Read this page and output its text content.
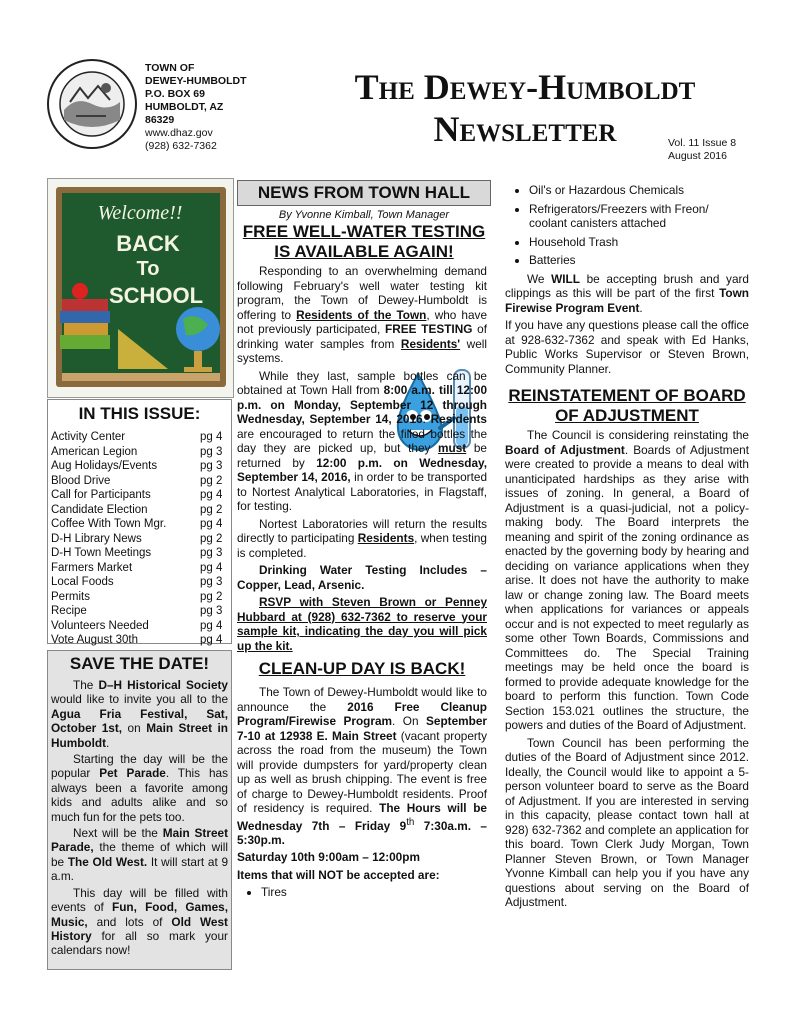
TOWN OF
DEWEY-HUMBOLDT
P.O. BOX 69
HUMBOLDT, AZ
86329
www.dhaz.gov
(928) 632-7362
The Dewey-Humboldt
Newsletter	Vol. 11 Issue 8
August 2016
Welcome!!
BACK
To
SCHOOL
IN THIS ISSUE:
Activity Center	pg 4
American Legion	pg 3
Aug Holidays/Events	pg 3
Blood Drive	pg 2
Call for Participants	pg 4
Candidate Election	pg 2
Coffee With Town Mgr.	pg 4
D-H Library News	pg 2
D-H Town Meetings	pg 3
Farmers Market	pg 4
Local Foods	pg 3
Permits	pg 2
Recipe	pg 3
Volunteers Needed	pg 4
Vote August 30th	pg 4
SAVE THE DATE!

The D–H Historical Society would like to invite you all to the Agua Fria Festival, Sat, October 1st, on Main Street in Humboldt.

Starting the day will be the popular Pet Parade. This has always been a favorite among kids and adults alike and so much fun for the pets too.

Next will be the Main Street Parade, the theme of which will be The Old West. It will start at 9 a.m.

This day will be filled with events of Fun, Food, Games, Music, and lots of Old West History for all so mark your calendars now!

NEWS FROM TOWN HALL
By Yvonne Kimball, Town Manager
FREE WELL-WATER TESTING IS AVAILABLE AGAIN!

Responding to an overwhelming demand following February's well water testing kit program, the Town of Dewey-Humboldt is offering to Residents of the Town, who have not previously participated, FREE TESTING of drinking water samples from Residents' well systems.

While they last, sample bottles can be obtained at Town Hall from 8:00 a.m. till 12:00 p.m. on Monday, September 12 through Wednesday, September 14, 2016. Residents are encouraged to return the filled bottles the day they are picked up, but they must be returned by 12:00 p.m. on Wednesday, September 14, 2016, in order to be transported to Nortest Analytical Laboratories, in Flagstaff, for testing.

Nortest Laboratories will return the results directly to participating Residents, when testing is completed.

Drinking Water Testing Includes – Copper, Lead, Arsenic.

RSVP with Steven Brown or Penney Hubbard at (928) 632-7362 to reserve your sample kit, indicating the day you will pick up the kit.

CLEAN-UP DAY IS BACK!

The Town of Dewey-Humboldt would like to announce the 2016 Free Cleanup Program/Firewise Program. On September 7-10 at 12938 E. Main Street (vacant property across the road from the museum) the Town will provide dumpsters for yard/property clean up as well as brush chipping. The event is free of charge to Dewey-Humboldt residents. Proof of residency is required. The Hours will be Wednesday 7th – Friday 9th 7:30a.m. – 5:30p.m.

Saturday 10th 9:00am – 12:00pm

Items that will NOT be accepted are:

• Tires
• Oil's or Hazardous Chemicals
• Refrigerators/Freezers with Freon/ coolant canisters attached
• Household Trash
• Batteries

We WILL be accepting brush and yard clippings as this will be part of the first Town Firewise Program Event.

If you have any questions please call the office at 928-632-7362 and speak with Ed Hanks, Public Works Supervisor or Steven Brown, Community Planner.

REINSTATEMENT OF BOARD OF ADJUSTMENT

The Council is considering reinstating the Board of Adjustment. Boards of Adjustment were created to provide a means to deal with unanticipated hardships as they arise with issues of zoning. In general, a Board of Adjustment is a quasi-judicial, not a policy-making body. The Board interprets the meaning and spirit of the zoning ordinance as enacted by the governing body by hearing and deciding on variance applications when they arise. It does not have the authority to make law or change zoning law. The Board meets when applications for variances or appeals occur and is not expected to meet regularly as some other Town Boards, Commissions and Committees do. The Special Training meetings may be held once the board is formed to provide adequate knowledge for the board to perform this function. Town Code Section 153.021 outlines the structure, the powers and duties of the Board of Adjustment.

Town Council has been performing the duties of the Board of Adjustment since 2012. Ideally, the Council would like to appoint a 5-person volunteer board to serve as the Board of Adjustment. If you are interested in serving in this capacity, please contact town hall at 928) 632-7362 and complete an application for this board. Town Clerk Judy Morgan, Town Planner Steven Brown, or Town Manager Yvonne Kimball can help you if you have any questions about serving on the Board of Adjustment.
